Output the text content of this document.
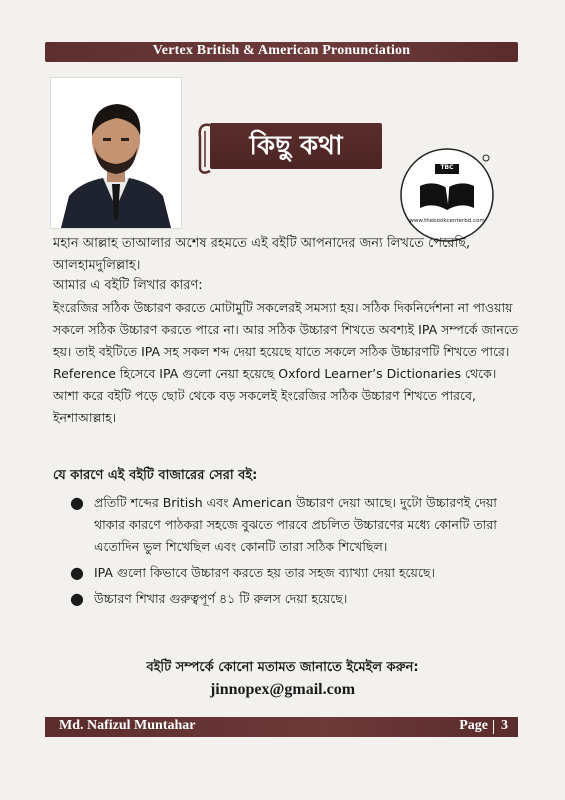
Vertex British & American Pronunciation
কিছু কথা
TBC
www.thebookcenterbd.com
মহান আল্লাহ তাআলার অশেষ রহমতে এই বইটি আপনাদের জন্য লিখতে পেরেছি,
আলহামদুলিল্লাহ।
আমার এ বইটি লিখার কারণ:
ইংরেজির সঠিক উচ্চারণ করতে মোটামুটি সকলেরই সমস্যা হয়। সঠিক দিকনির্দেশনা না পাওয়ায় সকলে সঠিক উচ্চারণ করতে পারে না। আর সঠিক উচ্চারণ শিখতে অবশ্যই IPA সম্পর্কে জানতে হয়। তাই বইটিতে IPA সহ সকল শব্দ দেয়া হয়েছে যাতে সকলে সঠিক উচ্চারণটি শিখতে পারে। Reference হিসেবে IPA গুলো নেয়া হয়েছে Oxford Learner’s Dictionaries থেকে। আশা করে বইটি পড়ে ছোট থেকে বড় সকলেই ইংরেজির সঠিক উচ্চারণ শিখতে পারবে, ইনশাআল্লাহ।
যে কারণে এই বইটি বাজারের সেরা বই:
● প্রতিটি শব্দের British এবং American উচ্চারণ দেয়া আছে। দুটো উচ্চারণই দেয়া থাকার কারণে পাঠকরা সহজে বুঝতে পারবে প্রচলিত উচ্চারণের মধ্যে কোনটি তারা এতোদিন ভুল শিখেছিল এবং কোনটি তারা সঠিক শিখেছিল।
● IPA গুলো কিভাবে উচ্চারণ করতে হয় তার সহজ ব্যাখ্যা দেয়া হয়েছে।
● উচ্চারণ শিখার গুরুত্বপূর্ণ ৪১ টি রুলস দেয়া হয়েছে।
বইটি সম্পর্কে কোনো মতামত জানাতে ইমেইল করুন:
jinnopex@gmail.com
Md. Nafizul Muntahar	Page 3
